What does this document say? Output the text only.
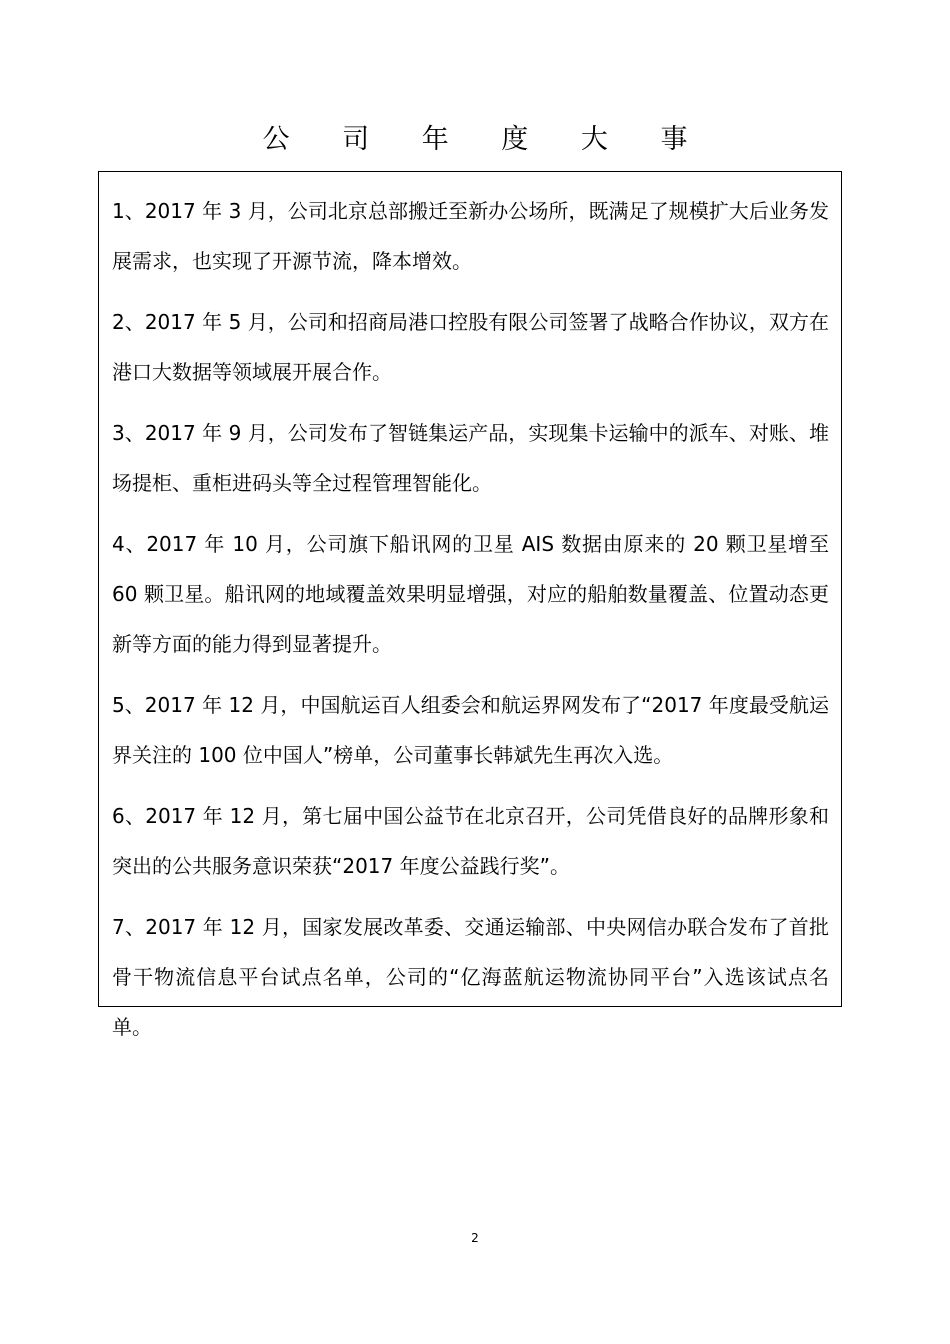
公 司 年 度 大 事
1、2017 年 3 月，公司北京总部搬迁至新办公场所，既满足了规模扩大后业务发展需求，也实现了开源节流，降本增效。
2、2017 年 5 月，公司和招商局港口控股有限公司签署了战略合作协议，双方在港口大数据等领域展开展合作。
3、2017 年 9 月，公司发布了智链集运产品，实现集卡运输中的派车、对账、堆场提柜、重柜进码头等全过程管理智能化。
4、2017 年 10 月，公司旗下船讯网的卫星 AIS 数据由原来的 20 颗卫星增至 60 颗卫星。船讯网的地域覆盖效果明显增强，对应的船舶数量覆盖、位置动态更新等方面的能力得到显著提升。
5、2017 年 12 月，中国航运百人组委会和航运界网发布了“2017 年度最受航运界关注的 100 位中国人”榜单，公司董事长韩斌先生再次入选。
6、2017 年 12 月，第七届中国公益节在北京召开，公司凭借良好的品牌形象和突出的公共服务意识荣获“2017 年度公益践行奖”。
7、2017 年 12 月，国家发展改革委、交通运输部、中央网信办联合发布了首批骨干物流信息平台试点名单，公司的“亿海蓝航运物流协同平台”入选该试点名单。
2
